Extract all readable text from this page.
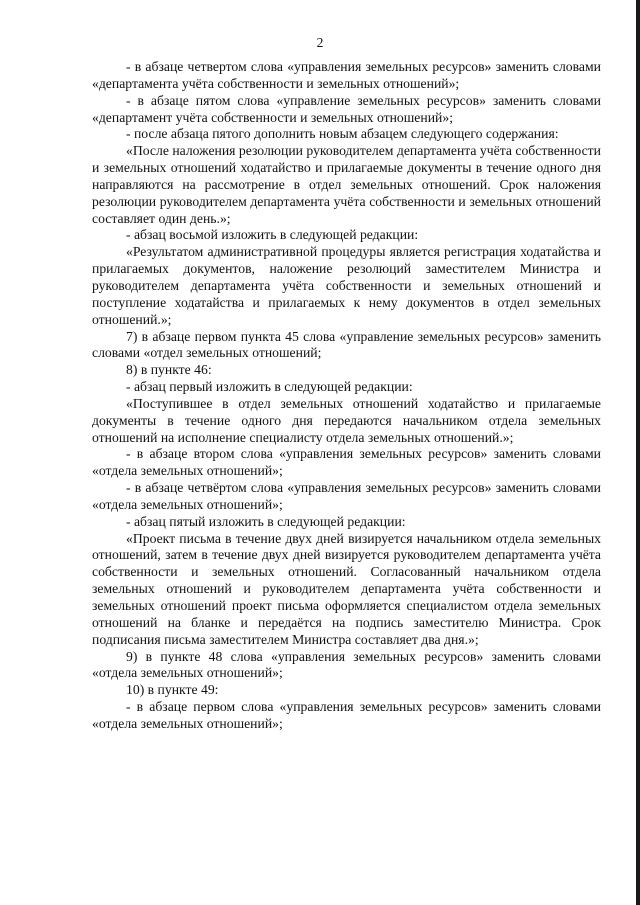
2

- в абзаце четвертом слова «управления земельных ресурсов» заменить словами «департамента учёта собственности и земельных отношений»;

- в абзаце пятом слова «управление земельных ресурсов» заменить словами «департамент учёта собственности и земельных отношений»;

- после абзаца пятого дополнить новым абзацем следующего содержания:

«После наложения резолюции руководителем департамента учёта собственности и земельных отношений ходатайство и прилагаемые документы в течение одного дня направляются на рассмотрение в отдел земельных отношений. Срок наложения резолюции руководителем департамента учёта собственности и земельных отношений составляет один день.»;

- абзац восьмой изложить в следующей редакции:

«Результатом административной процедуры является регистрация ходатайства и прилагаемых документов, наложение резолюций заместителем Министра и руководителем департамента учёта собственности и земельных отношений и поступление ходатайства и прилагаемых к нему документов в отдел земельных отношений.»;

7) в абзаце первом пункта 45 слова «управление земельных ресурсов» заменить словами «отдел земельных отношений;

8) в пункте 46:

- абзац первый изложить в следующей редакции:

«Поступившее в отдел земельных отношений ходатайство и прилагаемые документы в течение одного дня передаются начальником отдела земельных отношений на исполнение специалисту отдела земельных отношений.»;

- в абзаце втором слова «управления земельных ресурсов» заменить словами «отдела земельных отношений»;

- в абзаце четвёртом слова «управления земельных ресурсов» заменить словами «отдела земельных отношений»;

- абзац пятый изложить в следующей редакции:

«Проект письма в течение двух дней визируется начальником отдела земельных отношений, затем в течение двух дней визируется руководителем департамента учёта собственности и земельных отношений. Согласованный начальником отдела земельных отношений и руководителем департамента учёта собственности и земельных отношений проект письма оформляется специалистом отдела земельных отношений на бланке и передаётся на подпись заместителю Министра. Срок подписания письма заместителем Министра составляет два дня.»;

9) в пункте 48 слова «управления земельных ресурсов» заменить словами «отдела земельных отношений»;

10) в пункте 49:

- в абзаце первом слова «управления земельных ресурсов» заменить словами «отдела земельных отношений»;
